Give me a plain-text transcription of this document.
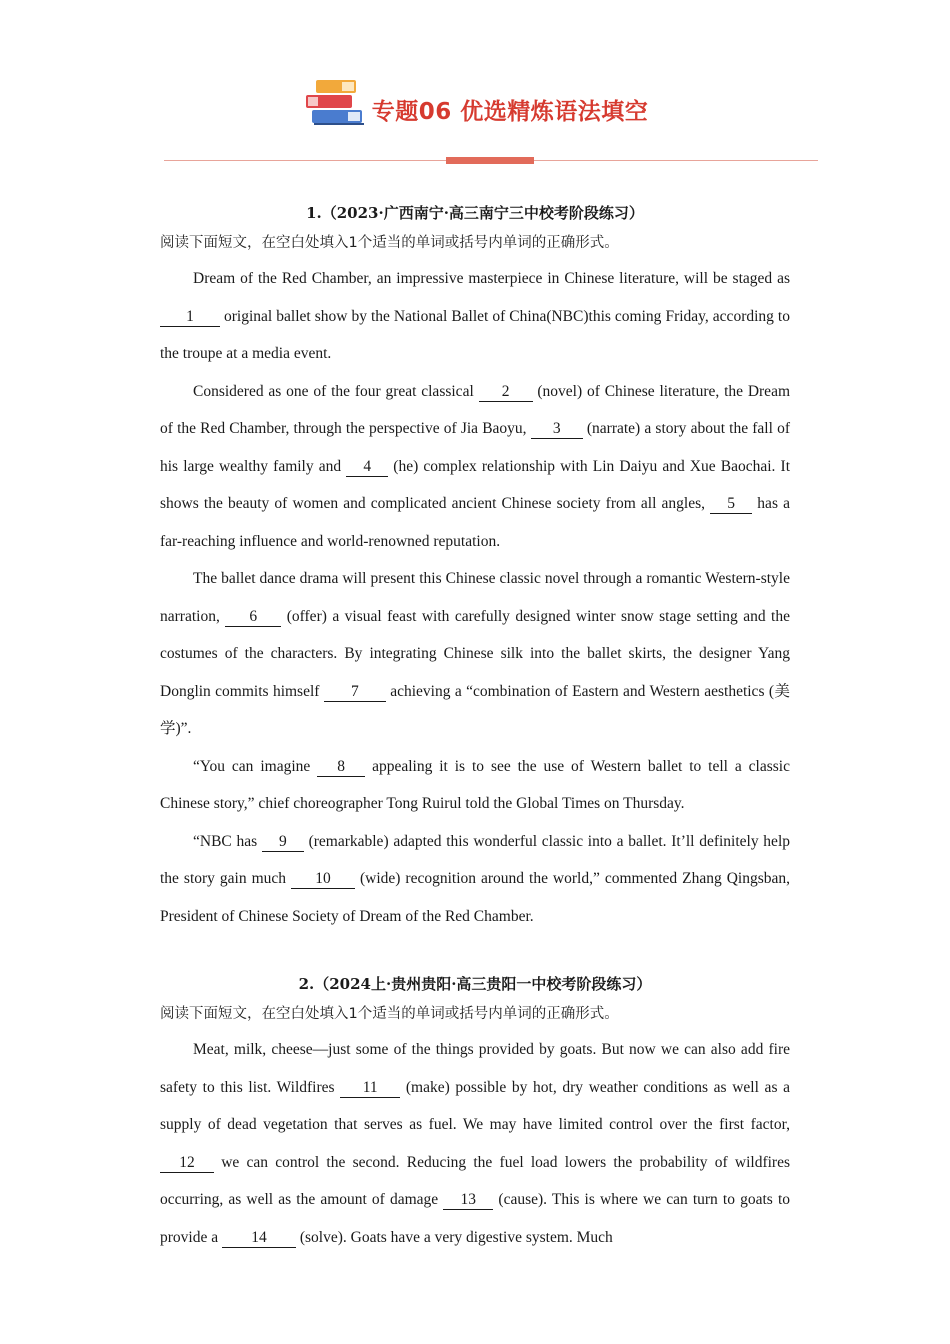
专题06 优选精炼语法填空
1.（2023·广西南宁·高三南宁三中校考阶段练习）
阅读下面短文，在空白处填入1个适当的单词或括号内单词的正确形式。

Dream of the Red Chamber, an impressive masterpiece in Chinese literature, will be staged as 1 original ballet show by the National Ballet of China(NBC)this coming Friday, according to the troupe at a media event.

Considered as one of the four great classical 2 (novel) of Chinese literature, the Dream of the Red Chamber, through the perspective of Jia Baoyu, 3 (narrate) a story about the fall of his large wealthy family and 4 (he) complex relationship with Lin Daiyu and Xue Baochai. It shows the beauty of women and complicated ancient Chinese society from all angles, 5 has a far-reaching influence and world-renowned reputation.

The ballet dance drama will present this Chinese classic novel through a romantic Western-style narration, 6 (offer) a visual feast with carefully designed winter snow stage setting and the costumes of the characters. By integrating Chinese silk into the ballet skirts, the designer Yang Donglin commits himself 7 achieving a “combination of Eastern and Western aesthetics (美学)”.

“You can imagine 8 appealing it is to see the use of Western ballet to tell a classic Chinese story,” chief choreographer Tong Ruirul told the Global Times on Thursday.

“NBC has 9 (remarkable) adapted this wonderful classic into a ballet. It’ll definitely help the story gain much 10 (wide) recognition around the world,” commented Zhang Qingsban, President of Chinese Society of Dream of the Red Chamber.

2.（2024上·贵州贵阳·高三贵阳一中校考阶段练习）
阅读下面短文，在空白处填入1个适当的单词或括号内单词的正确形式。

Meat, milk, cheese—just some of the things provided by goats. But now we can also add fire safety to this list. Wildfires 11 (make) possible by hot, dry weather conditions as well as a supply of dead vegetation that serves as fuel. We may have limited control over the first factor, 12 we can control the second. Reducing the fuel load lowers the probability of wildfires occurring, as well as the amount of damage 13 (cause). This is where we can turn to goats to provide a 14 (solve). Goats have a very digestive system. Much
